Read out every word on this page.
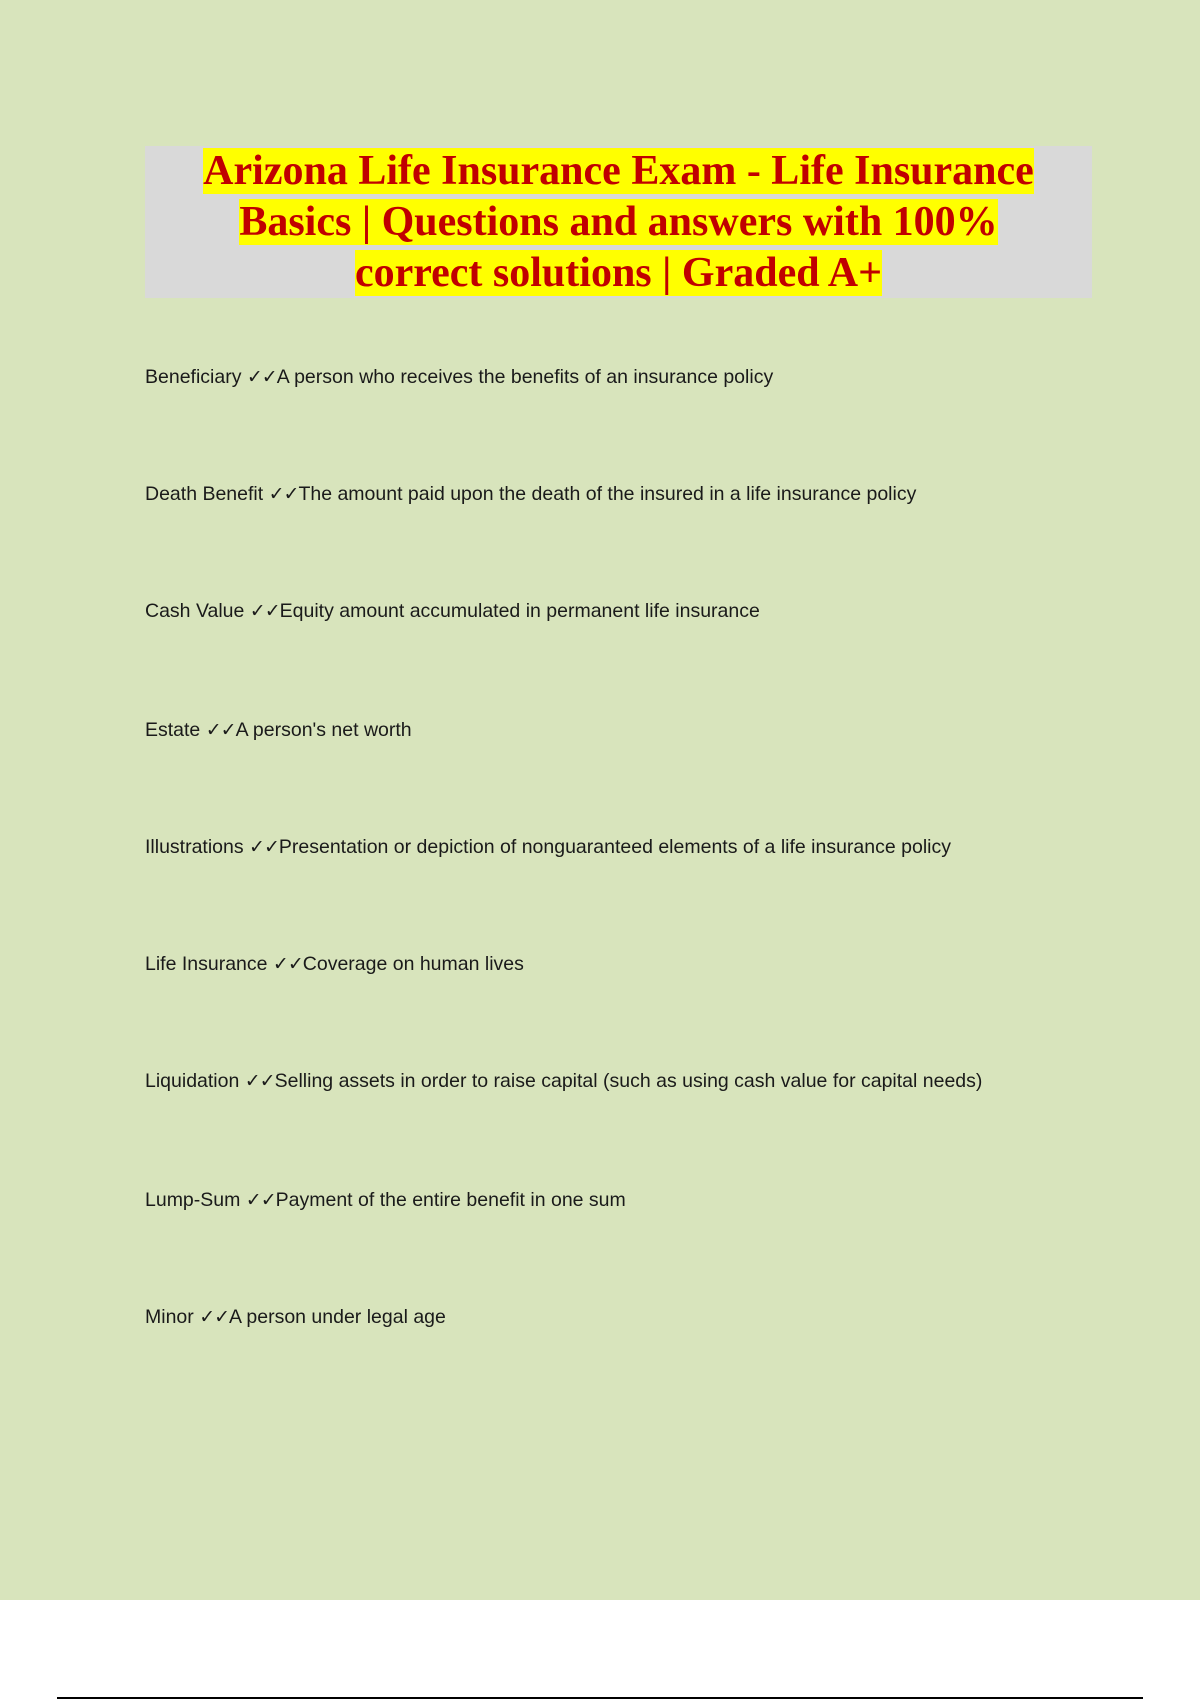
Arizona Life Insurance Exam - Life Insurance
Basics | Questions and answers with 100%
correct solutions | Graded A+
Beneficiary ✓✓A person who receives the benefits of an insurance policy
Death Benefit ✓✓The amount paid upon the death of the insured in a life insurance policy
Cash Value ✓✓Equity amount accumulated in permanent life insurance
Estate ✓✓A person's net worth
Illustrations ✓✓Presentation or depiction of nonguaranteed elements of a life insurance policy
Life Insurance ✓✓Coverage on human lives
Liquidation ✓✓Selling assets in order to raise capital (such as using cash value for capital needs)
Lump-Sum ✓✓Payment of the entire benefit in one sum
Minor ✓✓A person under legal age
